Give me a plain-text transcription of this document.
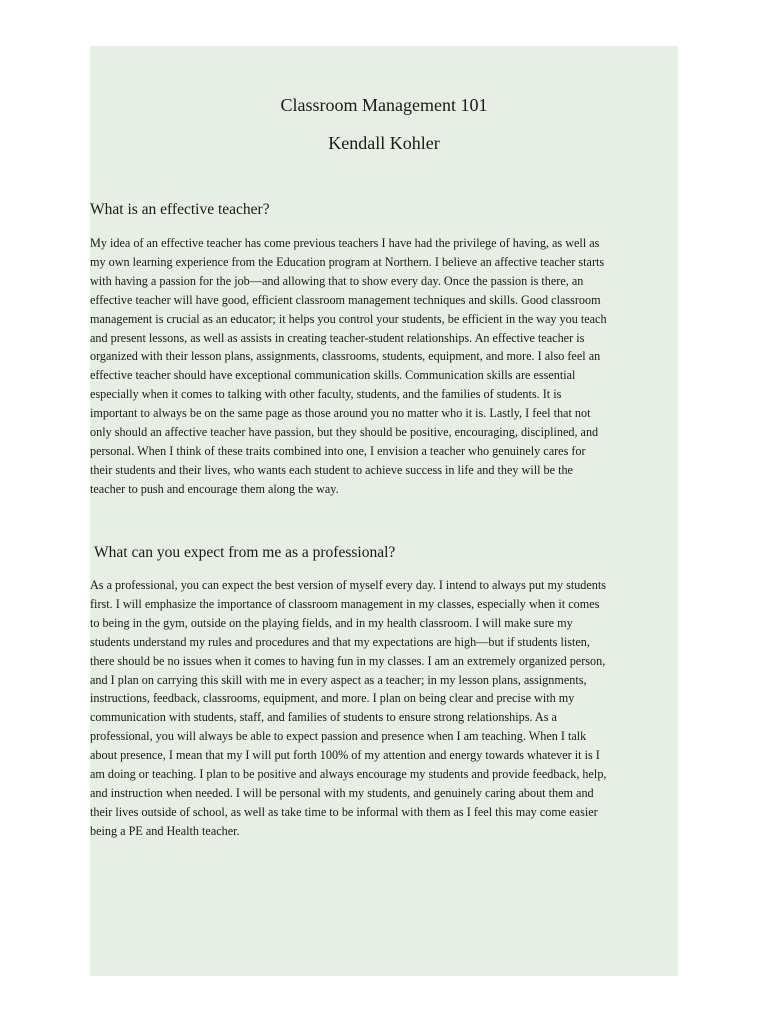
Classroom Management 101
Kendall Kohler
What is an effective teacher?

My idea of an effective teacher has come previous teachers I have had the privilege of having, as well as
my own learning experience from the Education program at Northern. I believe an affective teacher starts
with having a passion for the job—and allowing that to show every day. Once the passion is there, an
effective teacher will have good, efficient classroom management techniques and skills. Good classroom
management is crucial as an educator; it helps you control your students, be efficient in the way you teach
and present lessons, as well as assists in creating teacher-student relationships. An effective teacher is
organized with their lesson plans, assignments, classrooms, students, equipment, and more. I also feel an
effective teacher should have exceptional communication skills. Communication skills are essential
especially when it comes to talking with other faculty, students, and the families of students. It is
important to always be on the same page as those around you no matter who it is. Lastly, I feel that not
only should an affective teacher have passion, but they should be positive, encouraging, disciplined, and
personal. When I think of these traits combined into one, I envision a teacher who genuinely cares for
their students and their lives, who wants each student to achieve success in life and they will be the
teacher to push and encourage them along the way.

What can you expect from me as a professional?

As a professional, you can expect the best version of myself every day. I intend to always put my students
first. I will emphasize the importance of classroom management in my classes, especially when it comes
to being in the gym, outside on the playing fields, and in my health classroom. I will make sure my
students understand my rules and procedures and that my expectations are high—but if students listen,
there should be no issues when it comes to having fun in my classes. I am an extremely organized person,
and I plan on carrying this skill with me in every aspect as a teacher; in my lesson plans, assignments,
instructions, feedback, classrooms, equipment, and more. I plan on being clear and precise with my
communication with students, staff, and families of students to ensure strong relationships. As a
professional, you will always be able to expect passion and presence when I am teaching. When I talk
about presence, I mean that my I will put forth 100% of my attention and energy towards whatever it is I
am doing or teaching. I plan to be positive and always encourage my students and provide feedback, help,
and instruction when needed. I will be personal with my students, and genuinely caring about them and
their lives outside of school, as well as take time to be informal with them as I feel this may come easier
being a PE and Health teacher.
